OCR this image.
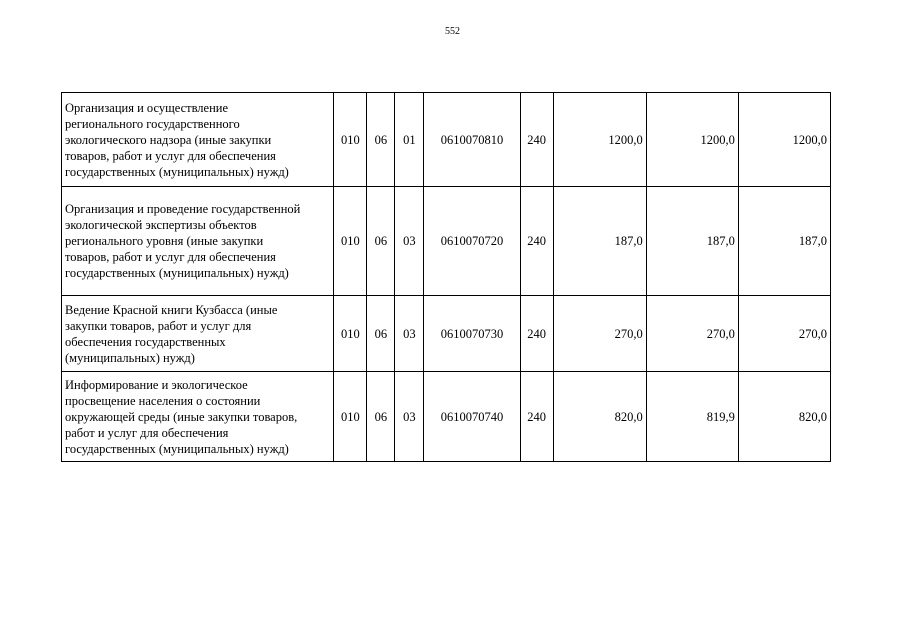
552
Организация и осуществление
регионального государственного
экологического надзора (иные закупки
товаров, работ и услуг для обеспечения
государственных (муниципальных) нужд)	010	06	01	0610070810	240	1200,0	1200,0	1200,0

Организация и проведение государственной
экологической экспертизы объектов
регионального уровня (иные закупки
товаров, работ и услуг для обеспечения
государственных (муниципальных) нужд)	010	06	03	0610070720	240	187,0	187,0	187,0

Ведение Красной книги Кузбасса (иные
закупки товаров, работ и услуг для
обеспечения государственных
(муниципальных) нужд)	010	06	03	0610070730	240	270,0	270,0	270,0

Информирование и экологическое
просвещение населения о состоянии
окружающей среды (иные закупки товаров,
работ и услуг для обеспечения
государственных (муниципальных) нужд)	010	06	03	0610070740	240	820,0	819,9	820,0
